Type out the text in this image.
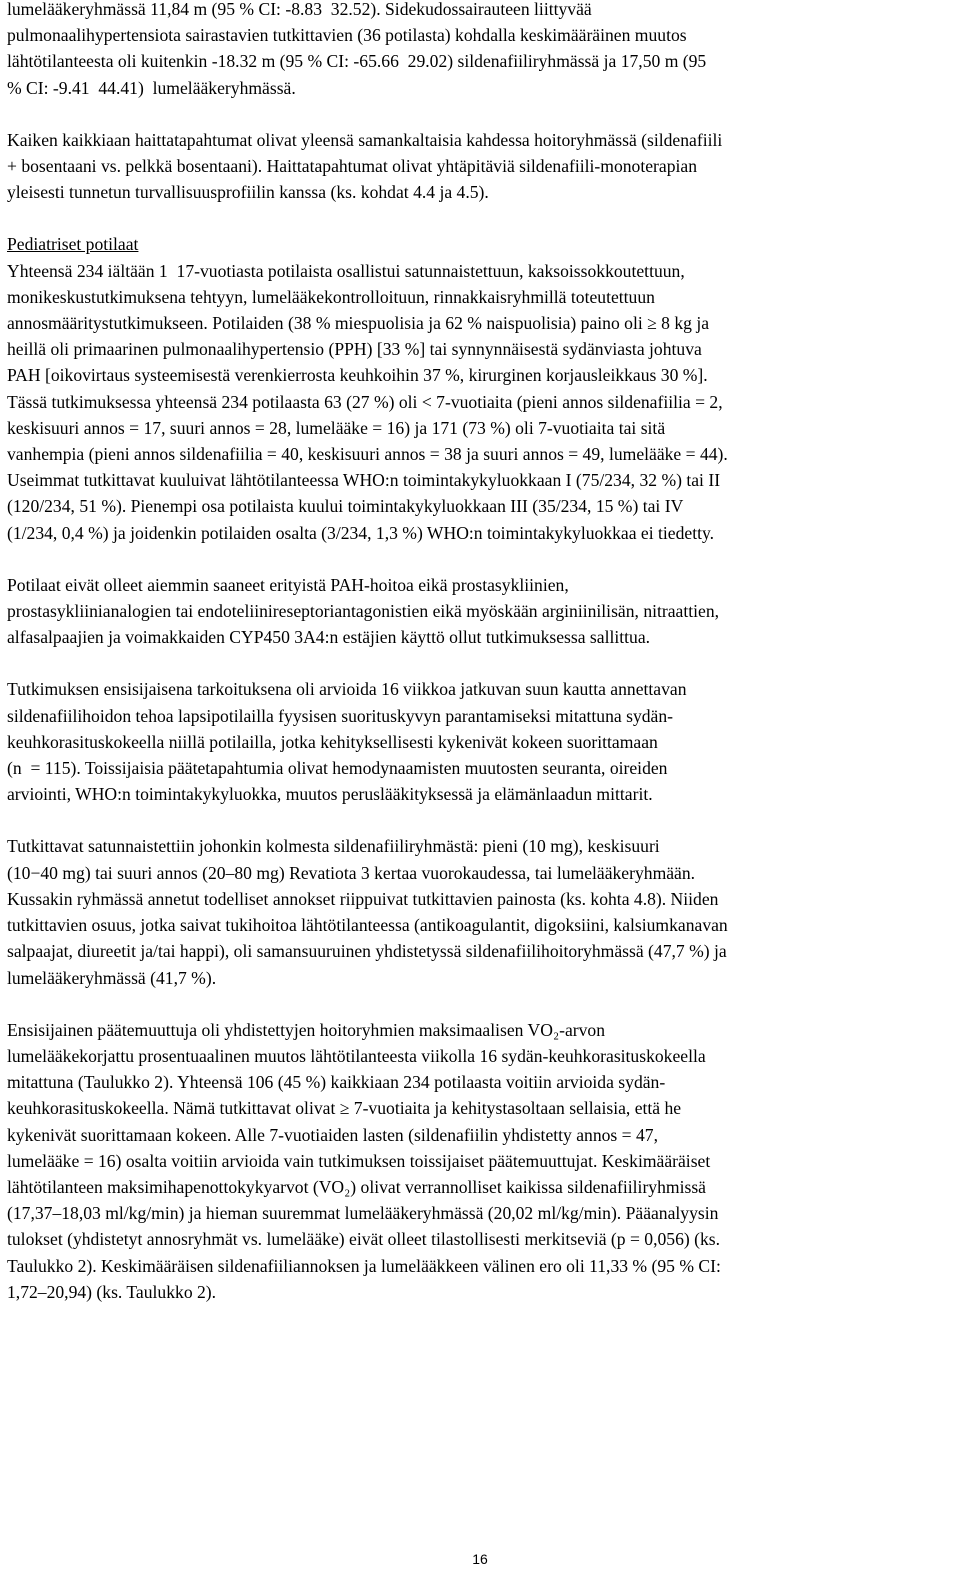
lumelääkeryhmässä 11,84 m (95 % CI: -8.83  32.52). Sidekudossairauteen liittyvää
pulmonaalihypertensiota sairastavien tutkittavien (36 potilasta) kohdalla keskimääräinen muutos
lähtötilanteesta oli kuitenkin -18.32 m (95 % CI: -65.66  29.02) sildenafiiliryhmässä ja 17,50 m (95
% CI: -9.41  44.41)  lumelääkeryhmässä.
Kaiken kaikkiaan haittatapahtumat olivat yleensä samankaltaisia kahdessa hoitoryhmässä (sildenafiili
+ bosentaani vs. pelkkä bosentaani). Haittatapahtumat olivat yhtäpitäviä sildenafiili-monoterapian
yleisesti tunnetun turvallisuusprofiilin kanssa (ks. kohdat 4.4 ja 4.5).
Pediatriset potilaat
Yhteensä 234 iältään 1  17-vuotiasta potilaista osallistui satunnaistettuun, kaksoissokkoutettuun,
monikeskustutkimuksena tehtyyn, lumelääkekontrolloituun, rinnakkaisryhmillä toteutettuun
annosmääritystutkimukseen. Potilaiden (38 % miespuolisia ja 62 % naispuolisia) paino oli ≥ 8 kg ja
heillä oli primaarinen pulmonaalihypertensio (PPH) [33 %] tai synnynnäisestä sydänviasta johtuva
PAH [oikovirtaus systeemisestä verenkierrosta keuhkoihin 37 %, kirurginen korjausleikkaus 30 %].
Tässä tutkimuksessa yhteensä 234 potilaasta 63 (27 %) oli < 7-vuotiaita (pieni annos sildenafiilia = 2,
keskisuuri annos = 17, suuri annos = 28, lumelääke = 16) ja 171 (73 %) oli 7-vuotiaita tai sitä
vanhempia (pieni annos sildenafiilia = 40, keskisuuri annos = 38 ja suuri annos = 49, lumelääke = 44).
Useimmat tutkittavat kuuluivat lähtötilanteessa WHO:n toimintakykyluokkaan I (75/234, 32 %) tai II
(120/234, 51 %). Pienempi osa potilaista kuului toimintakykyluokkaan III (35/234, 15 %) tai IV
(1/234, 0,4 %) ja joidenkin potilaiden osalta (3/234, 1,3 %) WHO:n toimintakykyluokkaa ei tiedetty.
Potilaat eivät olleet aiemmin saaneet erityistä PAH-hoitoa eikä prostasykliinien,
prostasykliinianalogien tai endoteliinireseptoriantagonistien eikä myöskään arginiinilisän, nitraattien,
alfasalpaajien ja voimakkaiden CYP450 3A4:n estäjien käyttö ollut tutkimuksessa sallittua.
Tutkimuksen ensisijaisena tarkoituksena oli arvioida 16 viikkoa jatkuvan suun kautta annettavan
sildenafiilihoidon tehoa lapsipotilailla fyysisen suorituskyvyn parantamiseksi mitattuna sydän-
keuhkorasituskokeella niillä potilailla, jotka kehityksellisesti kykenivät kokeen suorittamaan
(n  = 115). Toissijaisia päätetapahtumia olivat hemodynaamisten muutosten seuranta, oireiden
arviointi, WHO:n toimintakykyluokka, muutos peruslääkityksessä ja elämänlaadun mittarit.
Tutkittavat satunnaistettiin johonkin kolmesta sildenafiiliryhmästä: pieni (10 mg), keskisuuri
(10−40 mg) tai suuri annos (20–80 mg) Revatiota 3 kertaa vuorokaudessa, tai lumelääkeryhmään.
Kussakin ryhmässä annetut todelliset annokset riippuivat tutkittavien painosta (ks. kohta 4.8). Niiden
tutkittavien osuus, jotka saivat tukihoitoa lähtötilanteessa (antikoagulantit, digoksiini, kalsiumkanavan
salpaajat, diureetit ja/tai happi), oli samansuuruinen yhdistetyssä sildenafiilihoitoryhmässä (47,7 %) ja
lumelääkeryhmässä (41,7 %).
Ensisijainen päätemuuttuja oli yhdistettyjen hoitoryhmien maksimaalisen VO₂-arvon
lumelääkekorjattu prosentuaalinen muutos lähtötilanteesta viikolla 16 sydän-keuhkorasituskokeella
mitattuna (Taulukko 2). Yhteensä 106 (45 %) kaikkiaan 234 potilaasta voitiin arvioida sydän-
keuhkorasituskokeella. Nämä tutkittavat olivat ≥ 7-vuotiaita ja kehitystasoltaan sellaisia, että he
kykenivät suorittamaan kokeen. Alle 7-vuotiaiden lasten (sildenafiilin yhdistetty annos = 47,
lumelääke = 16) osalta voitiin arvioida vain tutkimuksen toissijaiset päätemuuttujat. Keskimääräiset
lähtötilanteen maksimihapenottokykyarvot (VO₂) olivat verrannolliset kaikissa sildenafiiliryhmissä
(17,37–18,03 ml/kg/min) ja hieman suuremmat lumelääkeryhmässä (20,02 ml/kg/min). Pääanalyysin
tulokset (yhdistetyt annosryhmät vs. lumelääke) eivät olleet tilastollisesti merkitseviä (p = 0,056) (ks.
Taulukko 2). Keskimääräisen sildenafiiliannoksen ja lumelääkkeen välinen ero oli 11,33 % (95 % CI:
1,72–20,94) (ks. Taulukko 2).
16
